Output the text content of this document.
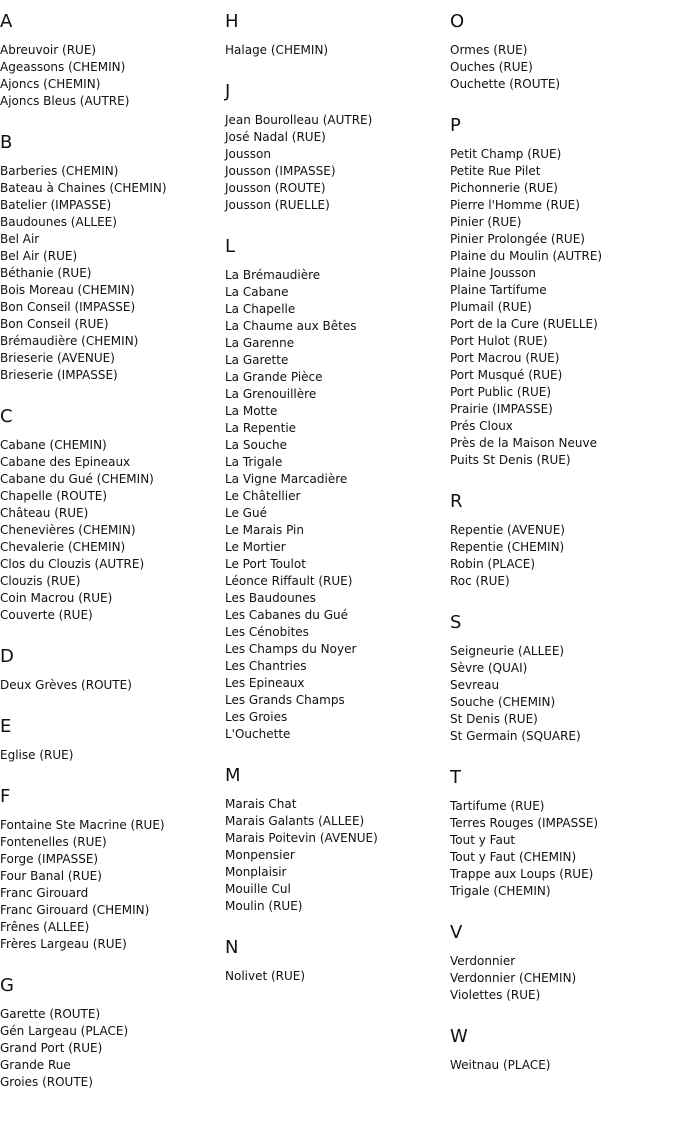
A
Abreuvoir (RUE)
Ageassons (CHEMIN)
Ajoncs (CHEMIN)
Ajoncs Bleus (AUTRE)
B
Barberies (CHEMIN)
Bateau à Chaines (CHEMIN)
Batelier (IMPASSE)
Baudounes (ALLEE)
Bel Air
Bel Air (RUE)
Béthanie (RUE)
Bois Moreau (CHEMIN)
Bon Conseil (IMPASSE)
Bon Conseil (RUE)
Brémaudière (CHEMIN)
Brieserie (AVENUE)
Brieserie (IMPASSE)
C
Cabane (CHEMIN)
Cabane des Epineaux
Cabane du Gué (CHEMIN)
Chapelle (ROUTE)
Château (RUE)
Chenevières (CHEMIN)
Chevalerie (CHEMIN)
Clos du Clouzis (AUTRE)
Clouzis (RUE)
Coin Macrou (RUE)
Couverte (RUE)
D
Deux Grèves (ROUTE)
E
Eglise (RUE)
F
Fontaine Ste Macrine (RUE)
Fontenelles (RUE)
Forge (IMPASSE)
Four Banal (RUE)
Franc Girouard
Franc Girouard (CHEMIN)
Frênes (ALLEE)
Frères Largeau (RUE)
G
Garette (ROUTE)
Gén Largeau (PLACE)
Grand Port (RUE)
Grande Rue
Groies (ROUTE)
H
Halage (CHEMIN)
J
Jean Bourolleau (AUTRE)
José Nadal (RUE)
Jousson
Jousson (IMPASSE)
Jousson (ROUTE)
Jousson (RUELLE)
L
La Brémaudière
La Cabane
La Chapelle
La Chaume aux Bêtes
La Garenne
La Garette
La Grande Pièce
La Grenouillère
La Motte
La Repentie
La Souche
La Trigale
La Vigne Marcadière
Le Châtellier
Le Gué
Le Marais Pin
Le Mortier
Le Port Toulot
Léonce Riffault (RUE)
Les Baudounes
Les Cabanes du Gué
Les Cénobites
Les Champs du Noyer
Les Chantries
Les Epineaux
Les Grands Champs
Les Groies
L'Ouchette
M
Marais Chat
Marais Galants (ALLEE)
Marais Poitevin (AVENUE)
Monpensier
Monplaisir
Mouille Cul
Moulin (RUE)
N
Nolivet (RUE)
O
Ormes (RUE)
Ouches (RUE)
Ouchette (ROUTE)
P
Petit Champ (RUE)
Petite Rue Pilet
Pichonnerie (RUE)
Pierre l'Homme (RUE)
Pinier (RUE)
Pinier Prolongée (RUE)
Plaine du Moulin (AUTRE)
Plaine Jousson
Plaine Tartifume
Plumail (RUE)
Port de la Cure (RUELLE)
Port Hulot (RUE)
Port Macrou (RUE)
Port Musqué (RUE)
Port Public (RUE)
Prairie (IMPASSE)
Prés Cloux
Près de la Maison Neuve
Puits St Denis (RUE)
R
Repentie (AVENUE)
Repentie (CHEMIN)
Robin (PLACE)
Roc (RUE)
S
Seigneurie (ALLEE)
Sèvre (QUAI)
Sevreau
Souche (CHEMIN)
St Denis (RUE)
St Germain (SQUARE)
T
Tartifume (RUE)
Terres Rouges (IMPASSE)
Tout y Faut
Tout y Faut (CHEMIN)
Trappe aux Loups (RUE)
Trigale (CHEMIN)
V
Verdonnier
Verdonnier (CHEMIN)
Violettes (RUE)
W
Weitnau (PLACE)
